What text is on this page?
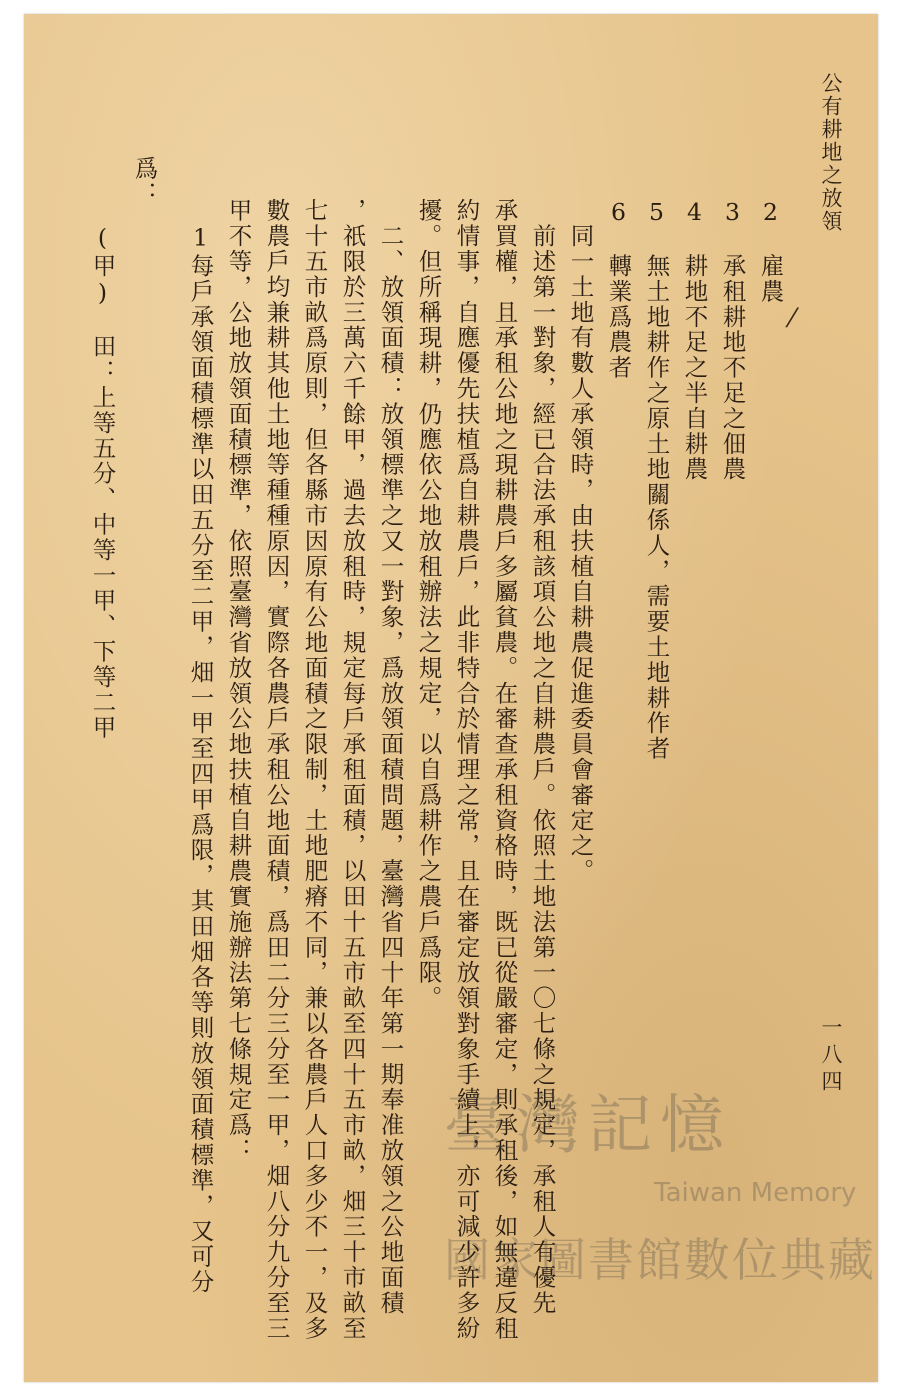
公有耕地之放領
一八四
⁄
2　雇農
3　承租耕地不足之佃農
4　耕地不足之半自耕農
5　無土地耕作之原土地關係人，需要土地耕作者
6　轉業爲農者
　同一土地有數人承領時，由扶植自耕農促進委員會審定之。
　前述第一對象，經已合法承租該項公地之自耕農戶。依照土地法第一〇七條之規定，承租人有優先
承買權，且承租公地之現耕農戶多屬貧農。在審查承租資格時，既已從嚴審定，則承租後，如無違反租
約情事，自應優先扶植爲自耕農戶，此非特合於情理之常，且在審定放領對象手續上，亦可減少許多紛
擾。但所稱現耕，仍應依公地放租辦法之規定，以自爲耕作之農戶爲限。
　二、放領面積：放領標準之又一對象，爲放領面積問題，臺灣省四十年第一期奉准放領之公地面積
，祇限於三萬六千餘甲，過去放租時，規定每戶承租面積，以田十五市畝至四十五市畝，畑三十市畝至
七十五市畝爲原則，但各縣市因原有公地面積之限制，土地肥瘠不同，兼以各農戶人口多少不一，及多
數農戶均兼耕其他土地等種種原因，實際各農戶承租公地面積，爲田二分三分至一甲，畑八分九分至三
甲不等，公地放領面積標準，依照臺灣省放領公地扶植自耕農實施辦法第七條規定爲：
　1每戶承領面積標準以田五分至二甲，畑一甲至四甲爲限，其田畑各等則放領面積標準，又可分
爲：
　(甲)　田：上等五分、中等一甲、下等二甲
臺灣記憶
Taiwan Memory
國家圖書館數位典藏
